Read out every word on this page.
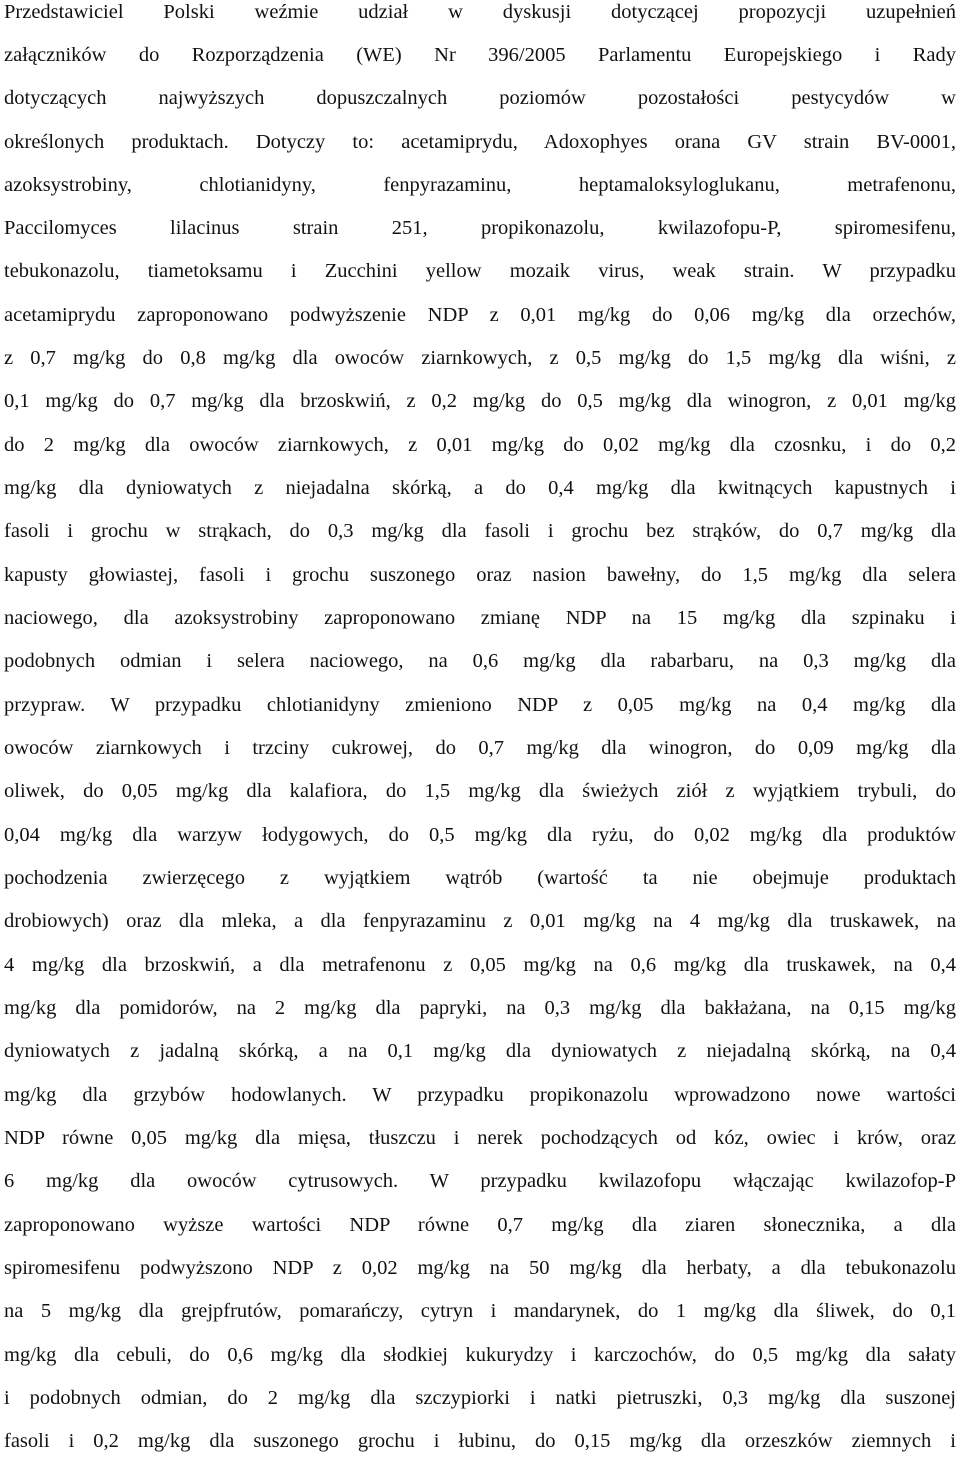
Przedstawiciel Polski weźmie udział w dyskusji dotyczącej propozycji uzupełnień
załączników do Rozporządzenia (WE) Nr 396/2005 Parlamentu Europejskiego i Rady
dotyczących najwyższych dopuszczalnych poziomów pozostałości pestycydów w
określonych produktach. Dotyczy to: acetamiprydu, Adoxophyes orana GV strain BV-0001,
azoksystrobiny, chlotianidyny, fenpyrazaminu, heptamaloksyloglukanu, metrafenonu,
Paccilomyces lilacinus strain 251, propikonazolu, kwilazofopu-P, spiromesifenu,
tebukonazolu, tiametoksamu i Zucchini yellow mozaik virus, weak strain. W przypadku
acetamiprydu zaproponowano podwyższenie NDP z 0,01 mg/kg do 0,06 mg/kg dla orzechów,
z 0,7 mg/kg do 0,8 mg/kg dla owoców ziarnkowych, z 0,5 mg/kg do 1,5 mg/kg dla wiśni, z
0,1 mg/kg do 0,7 mg/kg dla brzoskwiń, z 0,2 mg/kg do 0,5 mg/kg dla winogron, z 0,01 mg/kg
do 2 mg/kg dla owoców ziarnkowych, z 0,01 mg/kg do 0,02 mg/kg dla czosnku, i do 0,2
mg/kg dla dyniowatych z niejadalna skórką, a do 0,4 mg/kg dla kwitnących kapustnych i
fasoli i grochu w strąkach, do 0,3 mg/kg dla fasoli i grochu bez strąków, do 0,7 mg/kg dla
kapusty głowiastej, fasoli i grochu suszonego oraz nasion bawełny, do 1,5 mg/kg dla selera
naciowego, dla azoksystrobiny zaproponowano zmianę NDP na 15 mg/kg dla szpinaku i
podobnych odmian i selera naciowego, na 0,6 mg/kg dla rabarbaru, na 0,3 mg/kg dla
przypraw. W przypadku chlotianidyny zmieniono NDP z 0,05 mg/kg na 0,4 mg/kg dla
owoców ziarnkowych i trzciny cukrowej, do 0,7 mg/kg dla winogron, do 0,09 mg/kg dla
oliwek, do 0,05 mg/kg dla kalafiora, do 1,5 mg/kg dla świeżych ziół z wyjątkiem trybuli, do
0,04 mg/kg dla warzyw łodygowych, do 0,5 mg/kg dla ryżu, do 0,02 mg/kg dla produktów
pochodzenia zwierzęcego z wyjątkiem wątrób (wartość ta nie obejmuje produktach
drobiowych) oraz dla mleka, a dla fenpyrazaminu z 0,01 mg/kg na 4 mg/kg dla truskawek, na
4 mg/kg dla brzoskwiń, a dla metrafenonu z 0,05 mg/kg na 0,6 mg/kg dla truskawek, na 0,4
mg/kg dla pomidorów, na 2 mg/kg dla papryki, na 0,3 mg/kg dla bakłażana, na 0,15 mg/kg
dyniowatych z jadalną skórką, a na 0,1 mg/kg dla dyniowatych z niejadalną skórką, na 0,4
mg/kg dla grzybów hodowlanych. W przypadku propikonazolu wprowadzono nowe wartości
NDP równe 0,05 mg/kg dla mięsa, tłuszczu i nerek pochodzących od kóz, owiec i krów, oraz
6 mg/kg dla owoców cytrusowych. W przypadku kwilazofopu włączając kwilazofop-P
zaproponowano wyższe wartości NDP równe 0,7 mg/kg dla ziaren słonecznika, a dla
spiromesifenu podwyższono NDP z 0,02 mg/kg na 50 mg/kg dla herbaty, a dla tebukonazolu
na 5 mg/kg dla grejpfrutów, pomarańczy, cytryn i mandarynek, do 1 mg/kg dla śliwek, do 0,1
mg/kg dla cebuli, do 0,6 mg/kg dla słodkiej kukurydzy i karczochów, do 0,5 mg/kg dla sałaty
i podobnych odmian, do 2 mg/kg dla szczypiorki i natki pietruszki, 0,3 mg/kg dla suszonej
fasoli i 0,2 mg/kg dla suszonego grochu i łubinu, do 0,15 mg/kg dla orzeszków ziemnych i
